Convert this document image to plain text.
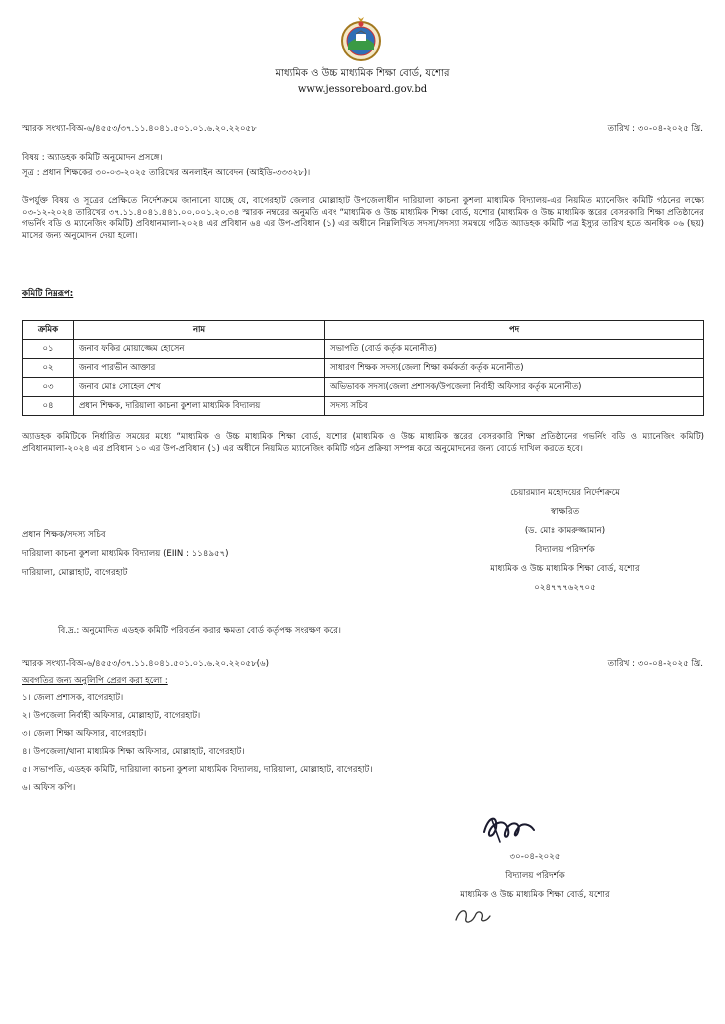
মাধ্যমিক ও উচ্চ মাধ্যমিক শিক্ষা বোর্ড, যশোর
www.jessoreboard.gov.bd
স্মারক সংখ্যা-বিঅ-৬/৪৫৫৩/৩৭.১১.৪০৪১.৫০১.০১.৬.২০.২২০৫৮	তারিখ : ৩০-০৪-২০২৫ খ্রি.
বিষয় : অ্যাডহক কমিটি অনুমোদন প্রসঙ্গে।
সূত্র : প্রধান শিক্ষকের ৩০-০৩-২০২৫ তারিখের অনলাইন আবেদন (আইডি-৩৩৩২৮)।
উপর্যুক্ত বিষয় ও সূত্রের প্রেক্ষিতে নির্দেশক্রমে জানানো যাচ্ছে যে, বাগেরহাট জেলার মোল্লাহাট উপজেলাধীন দারিয়ালা কাচনা কুশলা মাধ্যমিক বিদ্যালয়-এর নিয়মিত ম্যানেজিং কমিটি গঠনের লক্ষ্যে ০৩-১২-২০২৪ তারিখের ৩৭.১১.৪০৪১.৪৪১.০০.০০১.২০.৩৪ স্মারক নম্বরের অনুমতি এবং “মাধ্যমিক ও উচ্চ মাধ্যমিক শিক্ষা বোর্ড, যশোর (মাধ্যমিক ও উচ্চ মাধ্যমিক স্তরের বেসরকারি শিক্ষা প্রতিষ্ঠানের গভর্নিং বডি ও ম্যানেজিং কমিটি) প্রবিধানমালা-২০২৪ এর প্রবিধান ৬৪ এর উপ-প্রবিধান (১) এর অধীনে নিম্নলিখিত সদস্য/সদস্যা সমন্বয়ে গঠিত অ্যাডহক কমিটি পত্র ইস্যুর তারিখ হতে অনধিক ০৬ (ছয়) মাসের জন্য অনুমোদন দেয়া হলো।
কমিটি নিম্নরূপ:
ক্রমিক	নাম	পদ
০১	জনাব ফকির মোয়াজ্জেম হোসেন	সভাপতি (বোর্ড কর্তৃক মনোনীত)
০২	জনাব পারভীন আক্তার	সাধারণ শিক্ষক সদস্য(জেলা শিক্ষা কর্মকর্তা কর্তৃক মনোনীত)
০৩	জনাব মোঃ সোহেল শেখ	অভিভাবক সদস্য(জেলা প্রশাসক/উপজেলা নির্বাহী অফিসার কর্তৃক মনোনীত)
০৪	প্রধান শিক্ষক, দারিয়ালা কাচনা কুশলা মাধ্যমিক বিদ্যালয়	সদস্য সচিব
অ্যাডহক কমিটিকে নির্ধারিত সময়ের মধ্যে “মাধ্যমিক ও উচ্চ মাধ্যমিক শিক্ষা বোর্ড, যশোর (মাধ্যমিক ও উচ্চ মাধ্যমিক স্তরের বেসরকারি শিক্ষা প্রতিষ্ঠানের গভর্নিং বডি ও ম্যানেজিং কমিটি) প্রবিধানমালা-২০২৪ এর প্রবিধান ১০ এর উপ-প্রবিধান (১) এর অধীনে নিয়মিত ম্যানেজিং কমিটি গঠন প্রক্রিয়া সম্পন্ন করে অনুমোদনের জন্য বোর্ডে দাখিল করতে হবে।
চেয়ারম্যান মহোদয়ের নির্দেশক্রমে
স্বাক্ষরিত
(ড. মোঃ কামরুজ্জামান)
বিদ্যালয় পরিদর্শক
মাধ্যমিক ও উচ্চ মাধ্যমিক শিক্ষা বোর্ড, যশোর
০২৪৭৭৭৬২৭০৫
প্রধান শিক্ষক/সদস্য সচিব
দারিয়ালা কাচনা কুশলা মাধ্যমিক বিদ্যালয় (EIIN : ১১৪৯৫৭)
দারিয়ালা, মোল্লাহাট, বাগেরহাট
বি.দ্র.: অনুমোদিত এডহক কমিটি পরিবর্তন করার ক্ষমতা বোর্ড কর্তৃপক্ষ সংরক্ষণ করে।
স্মারক সংখ্যা-বিঅ-৬/৪৫৫৩/৩৭.১১.৪০৪১.৫০১.০১.৬.২০.২২০৫৮(৬)	তারিখ : ৩০-০৪-২০২৫ খ্রি.
অবগতির জন্য অনুলিপি প্রেরণ করা হলো :
১। জেলা প্রশাসক, বাগেরহাট।
২। উপজেলা নির্বাহী অফিসার, মোল্লাহাট, বাগেরহাট।
৩। জেলা শিক্ষা অফিসার, বাগেরহাট।
৪। উপজেলা/থানা মাধ্যমিক শিক্ষা অফিসার, মোল্লাহাট, বাগেরহাট।
৫। সভাপতি, এডহক কমিটি, দারিয়ালা কাচনা কুশলা মাধ্যমিক বিদ্যালয়, দারিয়ালা, মোল্লাহাট, বাগেরহাট।
৬। অফিস কপি।
৩০-০৪-২০২৫
বিদ্যালয় পরিদর্শক
মাধ্যমিক ও উচ্চ মাধ্যমিক শিক্ষা বোর্ড, যশোর
